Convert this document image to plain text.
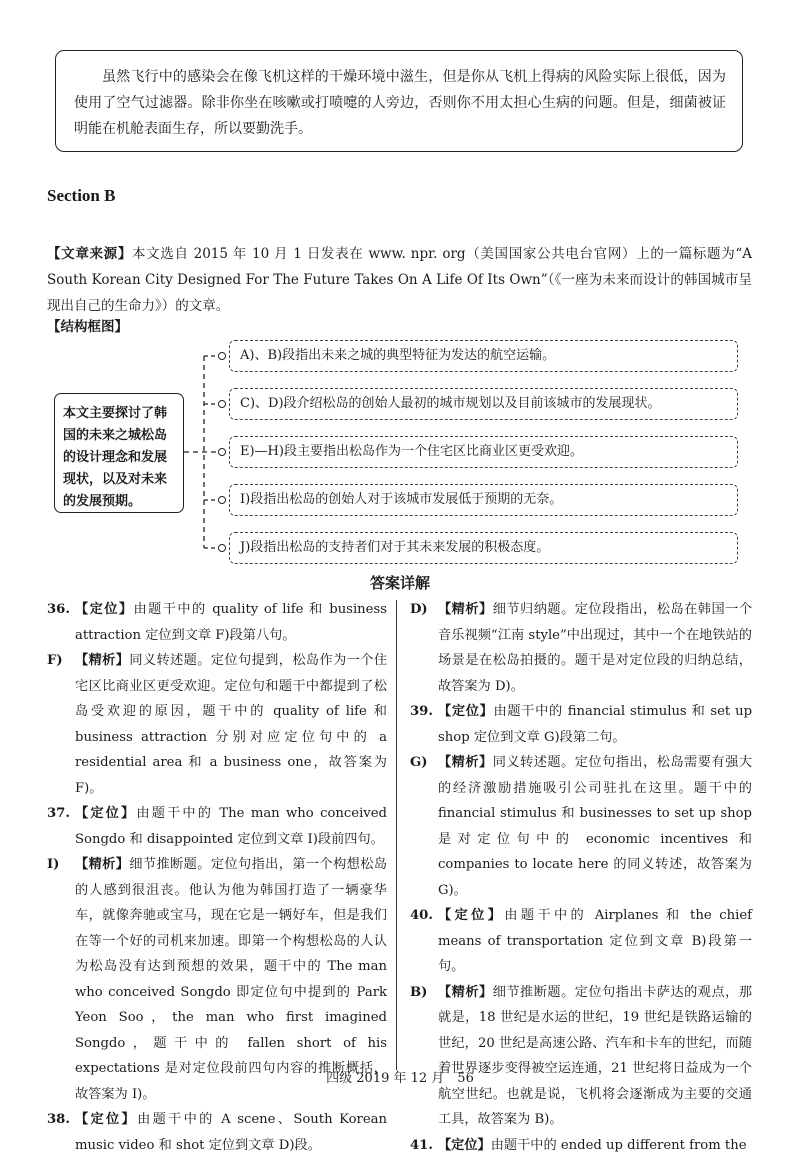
虽然飞行中的感染会在像飞机这样的干燥环境中滋生，但是你从飞机上得病的风险实际上很低，因为使用了空气过滤器。除非你坐在咳嗽或打喷嚏的人旁边，否则你不用太担心生病的问题。但是，细菌被证明能在机舱表面生存，所以要勤洗手。

Section B
【文章来源】本文选自 2015 年 10 月 1 日发表在 www. npr. org（美国国家公共电台官网）上的一篇标题为“A South Korean City Designed For The Future Takes On A Life Of Its Own”（《一座为未来而设计的韩国城市呈现出自己的生命力》）的文章。
【结构框图】
本文主要探讨了韩国的未来之城松岛的设计理念和发展现状，以及对未来的发展预期。
A)、B)段指出未来之城的典型特征为发达的航空运输。
C)、D)段介绍松岛的创始人最初的城市规划以及目前该城市的发展现状。
E)—H)段主要指出松岛作为一个住宅区比商业区更受欢迎。
I)段指出松岛的创始人对于该城市发展低于预期的无奈。
J)段指出松岛的支持者们对于其未来发展的积极态度。
答案详解
36. 【定位】由题干中的 quality of life 和 business attraction 定位到文章 F)段第八句。
F) 【精析】同义转述题。定位句提到，松岛作为一个住宅区比商业区更受欢迎。定位句和题干中都提到了松岛受欢迎的原因，题干中的 quality of life 和 business attraction 分别对应定位句中的 a residential area 和 a business one，故答案为 F)。
37. 【定位】由题干中的 The man who conceived Songdo 和 disappointed 定位到文章 I)段前四句。
I) 【精析】细节推断题。定位句指出，第一个构想松岛的人感到很沮丧。他认为他为韩国打造了一辆豪华车，就像奔驰或宝马，现在它是一辆好车，但是我们在等一个好的司机来加速。即第一个构想松岛的人认为松岛没有达到预想的效果，题干中的 The man who conceived Songdo 即定位句中提到的 Park Yeon Soo，the man who first imagined Songdo，题干中的 fallen short of his expectations 是对定位段前四句内容的推断概括，故答案为 I)。
38. 【定位】由题干中的 A scene、South Korean music video 和 shot 定位到文章 D)段。
D) 【精析】细节归纳题。定位段指出，松岛在韩国一个音乐视频“江南 style”中出现过，其中一个在地铁站的场景是在松岛拍摄的。题干是对定位段的归纳总结，故答案为 D)。
39. 【定位】由题干中的 financial stimulus 和 set up shop 定位到文章 G)段第二句。
G) 【精析】同义转述题。定位句指出，松岛需要有强大的经济激励措施吸引公司驻扎在这里。题干中的 financial stimulus 和 businesses to set up shop 是对定位句中的 economic incentives 和 companies to locate here 的同义转述，故答案为 G)。
40. 【定位】由题干中的 Airplanes 和 the chief means of transportation 定位到文章 B)段第一句。
B) 【精析】细节推断题。定位句指出卡萨达的观点，那就是，18 世纪是水运的世纪，19 世纪是铁路运输的世纪，20 世纪是高速公路、汽车和卡车的世纪，而随着世界逐步变得被空运连通，21 世纪将日益成为一个航空世纪。也就是说，飞机将会逐渐成为主要的交通工具，故答案为 B)。
41. 【定位】由题干中的 ended up different from the
四级 2019 年 12 月　56
